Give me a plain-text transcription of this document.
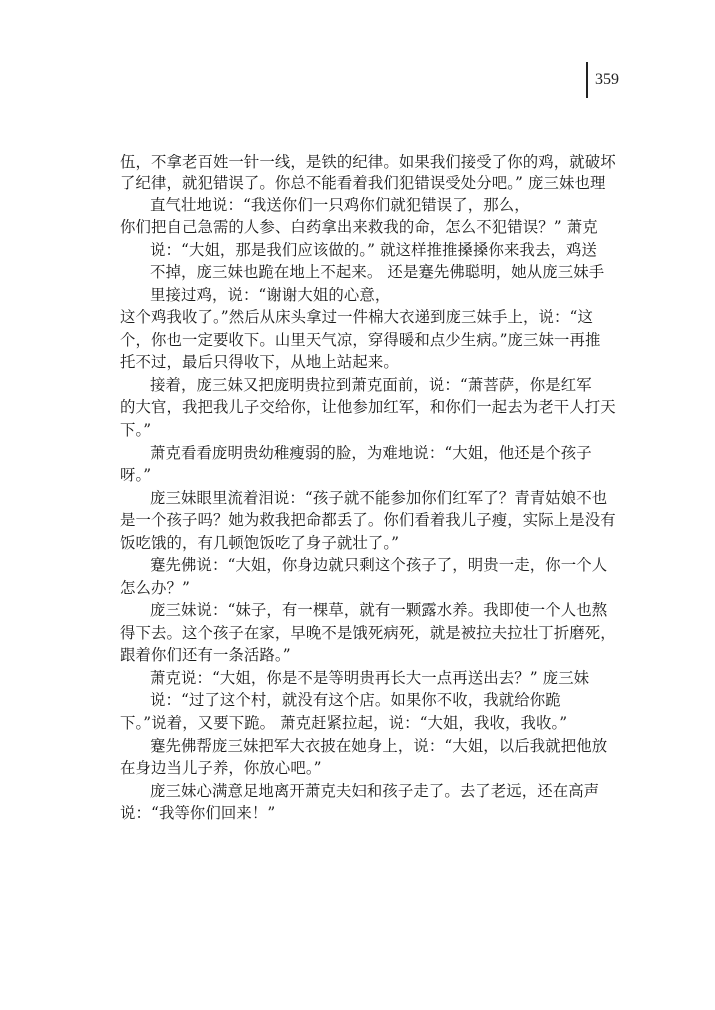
359
伍，不拿老百姓一针一线，是铁的纪律。如果我们接受了你的鸡，就破坏
了纪律，就犯错误了。你总不能看着我们犯错误受处分吧。” 庞三妹也理
直气壮地说：“我送你们一只鸡你们就犯错误了，那么，
你们把自己急需的人参、白药拿出来救我的命，怎么不犯错误？” 萧克
说：“大姐，那是我们应该做的。” 就这样推推搡搡你来我去，鸡送
不掉，庞三妹也跪在地上不起来。 还是蹇先佛聪明，她从庞三妹手
里接过鸡，说：“谢谢大姐的心意，
这个鸡我收了。”然后从床头拿过一件棉大衣递到庞三妹手上，说：“这
个，你也一定要收下。山里天气凉，穿得暖和点少生病。”庞三妹一再推
托不过，最后只得收下，从地上站起来。
接着，庞三妹又把庞明贵拉到萧克面前，说：“萧菩萨，你是红军
的大官，我把我儿子交给你，让他参加红军，和你们一起去为老干人打天
下。”
萧克看看庞明贵幼稚瘦弱的脸，为难地说：“大姐，他还是个孩子
呀。”
庞三妹眼里流着泪说：“孩子就不能参加你们红军了？青青姑娘不也
是一个孩子吗？她为救我把命都丢了。你们看着我儿子瘦，实际上是没有
饭吃饿的，有几顿饱饭吃了身子就壮了。”
蹇先佛说：“大姐，你身边就只剩这个孩子了，明贵一走，你一个人
怎么办？”
庞三妹说：“妹子，有一棵草，就有一颗露水养。我即使一个人也熬
得下去。这个孩子在家，早晚不是饿死病死，就是被拉夫拉壮丁折磨死，
跟着你们还有一条活路。”
萧克说：“大姐，你是不是等明贵再长大一点再送出去？” 庞三妹
说：“过了这个村，就没有这个店。如果你不收，我就给你跪
下。”说着，又要下跪。 萧克赶紧拉起，说：“大姐，我收，我收。”
蹇先佛帮庞三妹把军大衣披在她身上，说：“大姐，以后我就把他放
在身边当儿子养，你放心吧。”
庞三妹心满意足地离开萧克夫妇和孩子走了。去了老远，还在高声
说：“我等你们回来！”
